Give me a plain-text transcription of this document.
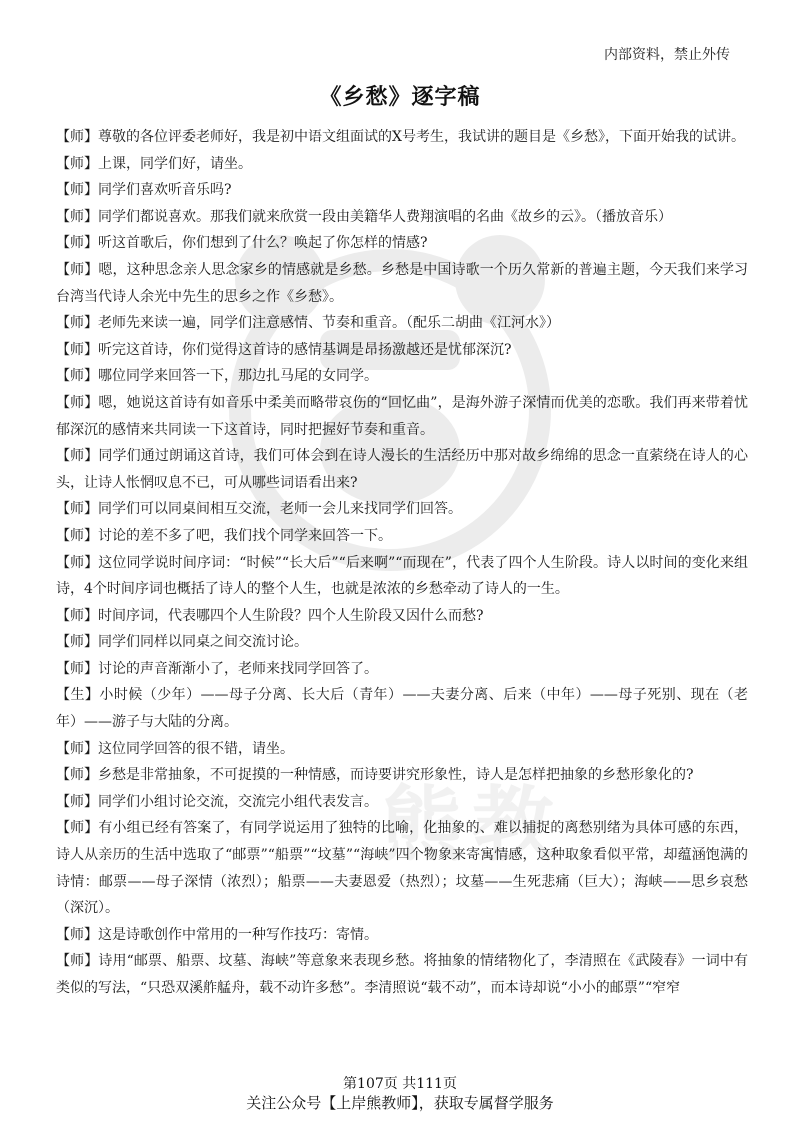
内部资料，禁止外传
熊教
《乡愁》逐字稿

【师】尊敬的各位评委老师好，我是初中语文组面试的X号考生，我试讲的题目是《乡愁》，下面开始我的试讲。

【师】上课，同学们好，请坐。

【师】同学们喜欢听音乐吗?

【师】同学们都说喜欢。那我们就来欣赏一段由美籍华人费翔演唱的名曲《故乡的云》。（播放音乐）

【师】听这首歌后，你们想到了什么？唤起了你怎样的情感?

【师】嗯，这种思念亲人思念家乡的情感就是乡愁。乡愁是中国诗歌一个历久常新的普遍主题，今天我们来学习台湾当代诗人余光中先生的思乡之作《乡愁》。

【师】老师先来读一遍，同学们注意感情、节奏和重音。（配乐二胡曲《江河水》）

【师】听完这首诗，你们觉得这首诗的感情基调是昂扬激越还是忧郁深沉?

【师】哪位同学来回答一下，那边扎马尾的女同学。

【师】嗯，她说这首诗有如音乐中柔美而略带哀伤的“回忆曲”，是海外游子深情而优美的恋歌。我们再来带着忧郁深沉的感情来共同读一下这首诗，同时把握好节奏和重音。

【师】同学们通过朗诵这首诗，我们可体会到在诗人漫长的生活经历中那对故乡绵绵的思念一直萦绕在诗人的心头，让诗人怅惘叹息不已，可从哪些词语看出来?

【师】同学们可以同桌间相互交流，老师一会儿来找同学们回答。

【师】讨论的差不多了吧，我们找个同学来回答一下。

【师】这位同学说时间序词：“时候”“长大后”“后来啊”“而现在”，代表了四个人生阶段。诗人以时间的变化来组诗，4个时间序词也概括了诗人的整个人生，也就是浓浓的乡愁牵动了诗人的一生。

【师】时间序词，代表哪四个人生阶段？四个人生阶段又因什么而愁?

【师】同学们同样以同桌之间交流讨论。

【师】讨论的声音渐渐小了，老师来找同学回答了。

【生】小时候（少年）——母子分离、长大后（青年）——夫妻分离、后来（中年）——母子死别、现在（老年）——游子与大陆的分离。

【师】这位同学回答的很不错，请坐。

【师】乡愁是非常抽象，不可捉摸的一种情感，而诗要讲究形象性，诗人是怎样把抽象的乡愁形象化的?

【师】同学们小组讨论交流，交流完小组代表发言。

【师】有小组已经有答案了，有同学说运用了独特的比喻，化抽象的、难以捕捉的离愁别绪为具体可感的东西，诗人从亲历的生活中选取了“邮票”“船票”“坟墓”“海峡”四个物象来寄寓情感，这种取象看似平常，却蕴涵饱满的诗情：邮票——母子深情（浓烈）；船票——夫妻恩爱（热烈）；坟墓——生死悲痛（巨大）；海峡——思乡哀愁（深沉）。

【师】这是诗歌创作中常用的一种写作技巧：寄情。

【师】诗用“邮票、船票、坟墓、海峡”等意象来表现乡愁。将抽象的情绪物化了，李清照在《武陵春》一词中有类似的写法，“只恐双溪舴艋舟，载不动许多愁”。李清照说“载不动”，而本诗却说“小小的邮票”“窄窄

第107页 共111页
关注公众号【上岸熊教师】，获取专属督学服务
